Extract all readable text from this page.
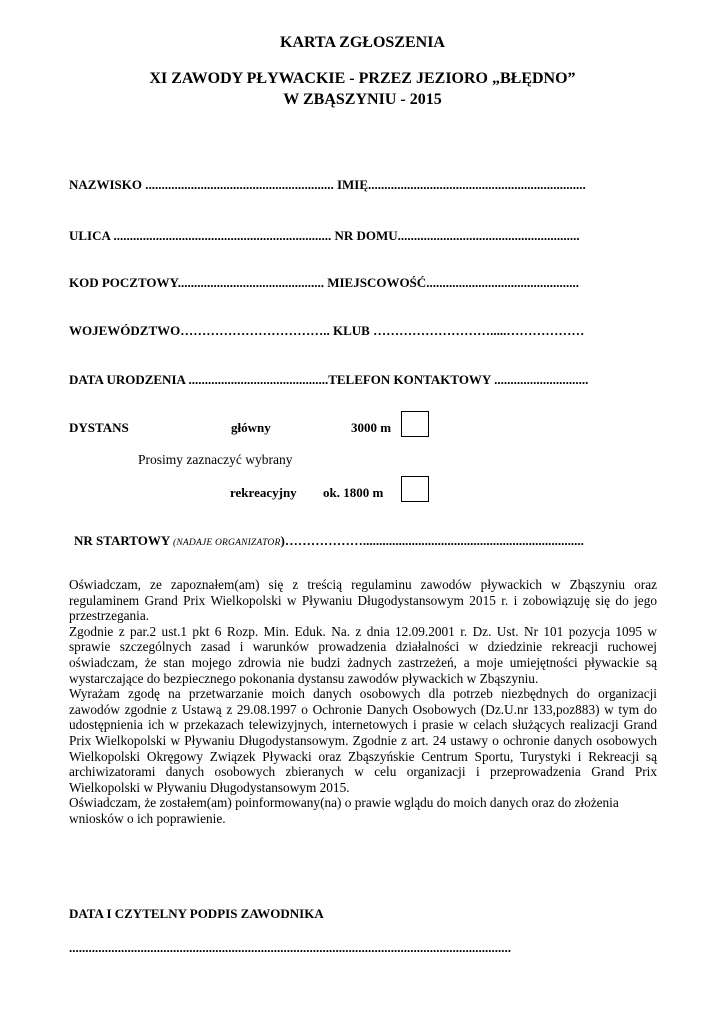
KARTA ZGŁOSZENIA
XI ZAWODY PŁYWACKIE - PRZEZ JEZIORO „BŁĘDNO”
W ZBĄSZYNIU - 2015
NAZWISKO .......................................................... IMIĘ...................................................................
ULICA ................................................................... NR DOMU........................................................
KOD POCZTOWY............................................. MIEJSCOWOŚĆ...............................................
WOJEWÓDZTWO…………………………….. KLUB ……………………….....………………
DATA URODZENIA ...........................................TELEFON KONTAKTOWY .............................
DYSTANS	główny	3000 m
Prosimy zaznaczyć wybrany
rekreacyjny ok. 1800 m
NR STARTOWY (NADAJE ORGANIZATOR)………………....................................................................

Oświadczam, ze zapoznałem(am) się z treścią regulaminu zawodów pływackich w Zbąszyniu oraz regulaminem Grand Prix Wielkopolski w Pływaniu Długodystansowym 2015 r. i zobowiązuję się do jego przestrzegania.

Zgodnie z par.2 ust.1 pkt 6 Rozp. Min. Eduk. Na. z dnia 12.09.2001 r. Dz. Ust. Nr 101 pozycja 1095 w sprawie szczególnych zasad i warunków prowadzenia działalności w dziedzinie rekreacji ruchowej oświadczam, że stan mojego zdrowia nie budzi żadnych zastrzeżeń, a moje umiejętności pływackie są wystarczające do bezpiecznego pokonania dystansu zawodów pływackich w Zbąszyniu.

Wyrażam zgodę na przetwarzanie moich danych osobowych dla potrzeb niezbędnych do organizacji zawodów zgodnie z Ustawą z 29.08.1997 o Ochronie Danych Osobowych (Dz.U.nr 133,poz883) w tym do udostępnienia ich w przekazach telewizyjnych, internetowych i prasie w celach służących realizacji Grand Prix Wielkopolski w Pływaniu Długodystansowym. Zgodnie z art. 24 ustawy o ochronie danych osobowych Wielkopolski Okręgowy Związek Pływacki oraz Zbąszyńskie Centrum Sportu, Turystyki i Rekreacji są archiwizatorami danych osobowych zbieranych w celu organizacji i przeprowadzenia Grand Prix Wielkopolski w Pływaniu Długodystansowym 2015.

Oświadczam, że zostałem(am) poinformowany(na) o prawie wglądu do moich danych oraz do złożenia wniosków o ich poprawienie.

DATA I CZYTELNY PODPIS ZAWODNIKA
........................................................................................................................................
